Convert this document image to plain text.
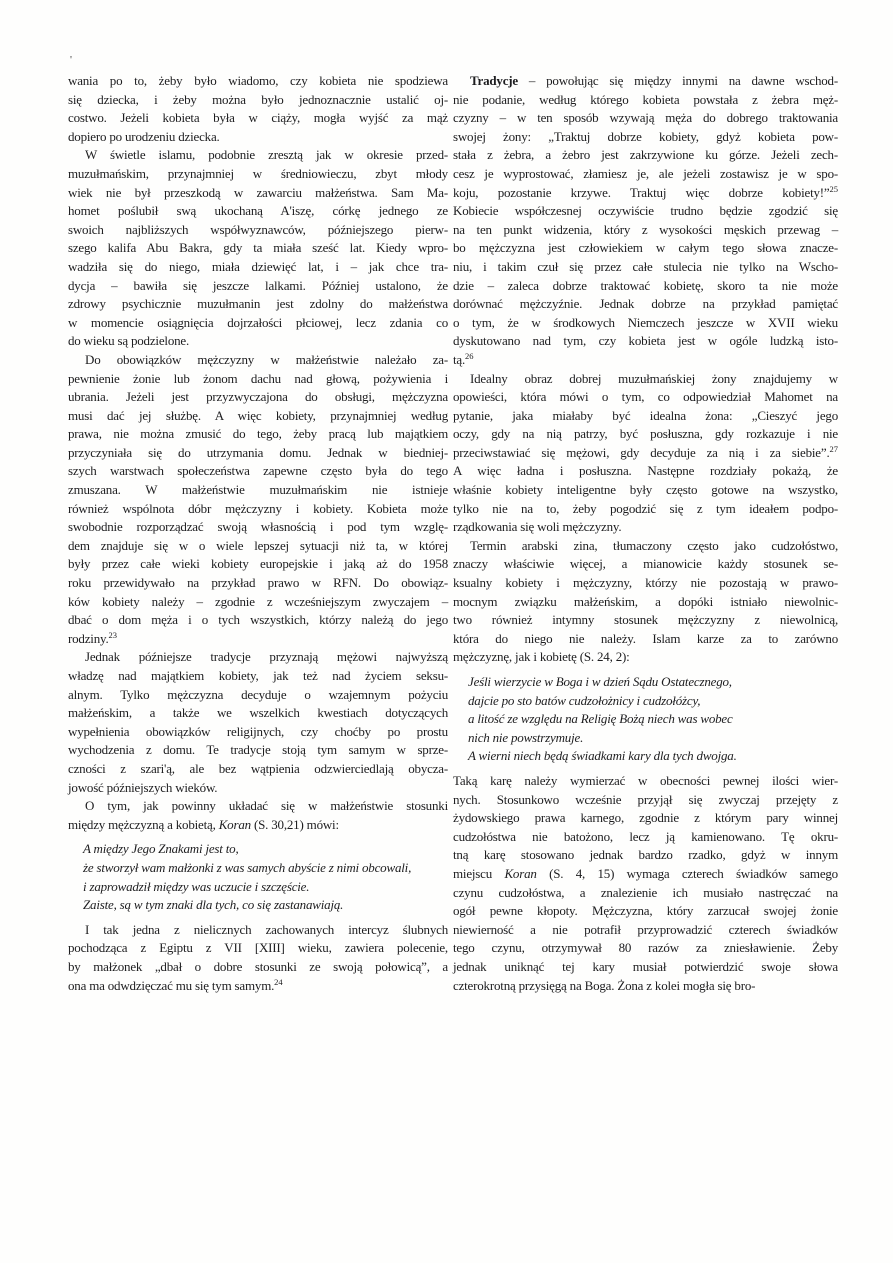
'
wania po to, żeby było wiadomo, czy kobieta nie spodziewa
się dziecka, i żeby można było jednoznacznie ustalić oj-
costwo. Jeżeli kobieta była w ciąży, mogła wyjść za mąż
dopiero po urodzeniu dziecka.
W świetle islamu, podobnie zresztą jak w okresie przed-
muzułmańskim, przynajmniej w średniowieczu, zbyt młody
wiek nie był przeszkodą w zawarciu małżeństwa. Sam Ma-
homet poślubił swą ukochaną A'iszę, córkę jednego ze
swoich najbliższych współwyznawców, późniejszego pierw-
szego kalifa Abu Bakra, gdy ta miała sześć lat. Kiedy wpro-
wadziła się do niego, miała dziewięć lat, i – jak chce tra-
dycja – bawiła się jeszcze lalkami. Później ustalono, że
zdrowy psychicznie muzułmanin jest zdolny do małżeństwa
w momencie osiągnięcia dojrzałości płciowej, lecz zdania co
do wieku są podzielone.
Do obowiązków mężczyzny w małżeństwie należało za-
pewnienie żonie lub żonom dachu nad głową, pożywienia i
ubrania. Jeżeli jest przyzwyczajona do obsługi, mężczyzna
musi dać jej służbę. A więc kobiety, przynajmniej według
prawa, nie można zmusić do tego, żeby pracą lub majątkiem
przyczyniała się do utrzymania domu. Jednak w biedniej-
szych warstwach społeczeństwa zapewne często była do tego
zmuszana. W małżeństwie muzułmańskim nie istnieje
również wspólnota dóbr mężczyzny i kobiety. Kobieta może
swobodnie rozporządzać swoją własnością i pod tym wzglę-
dem znajduje się w o wiele lepszej sytuacji niż ta, w której
były przez całe wieki kobiety europejskie i jaką aż do 1958
roku przewidywało na przykład prawo w RFN. Do obowiąz-
ków kobiety należy – zgodnie z wcześniejszym zwyczajem –
dbać o dom męża i o tych wszystkich, którzy należą do jego
rodziny.$^{23}$
Jednak późniejsze tradycje przyznają mężowi najwyższą
władzę nad majątkiem kobiety, jak też nad życiem seksu-
alnym. Tylko mężczyzna decyduje o wzajemnym pożyciu
małżeńskim, a także we wszelkich kwestiach dotyczących
wypełnienia obowiązków religijnych, czy choćby po prostu
wychodzenia z domu. Te tradycje stoją tym samym w sprze-
czności z szari'ą, ale bez wątpienia odzwierciedlają obycza-
jowość późniejszych wieków.
O tym, jak powinny układać się w małżeństwie stosunki
między mężczyzną a kobietą, Koran (S. 30,21) mówi:
A między Jego Znakami jest to,
że stworzył wam małżonki z was samych abyście z nimi obcowali,
i zaprowadził między was uczucie i szczęście.
Zaiste, są w tym znaki dla tych, co się zastanawiają.
I tak jedna z nielicznych zachowanych intercyz ślubnych
pochodząca z Egiptu z VII [XIII] wieku, zawiera polecenie,
by małżonek „dbał o dobre stosunki ze swoją połowicą”, a
ona ma odwdzięczać mu się tym samym.$^{24}$
Tradycje – powołując się między innymi na dawne wschod-
nie podanie, według którego kobieta powstała z żebra męż-
czyzny – w ten sposób wzywają męża do dobrego traktowania
swojej żony: „Traktuj dobrze kobiety, gdyż kobieta pow-
stała z żebra, a żebro jest zakrzywione ku górze. Jeżeli zech-
cesz je wyprostować, złamiesz je, ale jeżeli zostawisz je w spo-
koju, pozostanie krzywe. Traktuj więc dobrze kobiety!”$^{25}$
Kobiecie współczesnej oczywiście trudno będzie zgodzić się
na ten punkt widzenia, który z wysokości męskich przewag –
bo mężczyzna jest człowiekiem w całym tego słowa znacze-
niu, i takim czuł się przez całe stulecia nie tylko na Wscho-
dzie – zaleca dobrze traktować kobietę, skoro ta nie może
dorównać mężczyźnie. Jednak dobrze na przykład pamiętać
o tym, że w środkowych Niemczech jeszcze w XVII wieku
dyskutowano nad tym, czy kobieta jest w ogóle ludzką isto-
tą.$^{26}$
Idealny obraz dobrej muzułmańskiej żony znajdujemy w
opowieści, która mówi o tym, co odpowiedział Mahomet na
pytanie, jaka miałaby być idealna żona: „Cieszyć jego
oczy, gdy na nią patrzy, być posłuszna, gdy rozkazuje i nie
przeciwstawiać się mężowi, gdy decyduje za nią i za siebie”.$^{27}$
A więc ładna i posłuszna. Następne rozdziały pokażą, że
właśnie kobiety inteligentne były często gotowe na wszystko,
tylko nie na to, żeby pogodzić się z tym ideałem podpo-
rządkowania się woli mężczyzny.
Termin arabski zina, tłumaczony często jako cudzołóstwo,
znaczy właściwie więcej, a mianowicie każdy stosunek se-
ksualny kobiety i mężczyzny, którzy nie pozostają w prawo-
mocnym związku małżeńskim, a dopóki istniało niewolnic-
two również intymny stosunek mężczyzny z niewolnicą,
która do niego nie należy. Islam karze za to zarówno
mężczyznę, jak i kobietę (S. 24, 2):
Jeśli wierzycie w Boga i w dzień Sądu Ostatecznego,
dajcie po sto batów cudzołożnicy i cudzołóżcy,
a litość ze względu na Religię Bożą niech was wobec
nich nie powstrzymuje.
A wierni niech będą świadkami kary dla tych dwojga.
Taką karę należy wymierzać w obecności pewnej ilości wier-
nych. Stosunkowo wcześnie przyjął się zwyczaj przejęty z
żydowskiego prawa karnego, zgodnie z którym pary winnej
cudzołóstwa nie batożono, lecz ją kamienowano. Tę okru-
tną karę stosowano jednak bardzo rzadko, gdyż w innym
miejscu Koran (S. 4, 15) wymaga czterech świadków samego
czynu cudzołóstwa, a znalezienie ich musiało nastręczać na
ogół pewne kłopoty. Mężczyzna, który zarzucał swojej żonie
niewierność a nie potrafił przyprowadzić czterech świadków
tego czynu, otrzymywał 80 razów za zniesławienie. Żeby
jednak uniknąć tej kary musiał potwierdzić swoje słowa
czterokrotną przysięgą na Boga. Żona z kolei mogła się bro-
